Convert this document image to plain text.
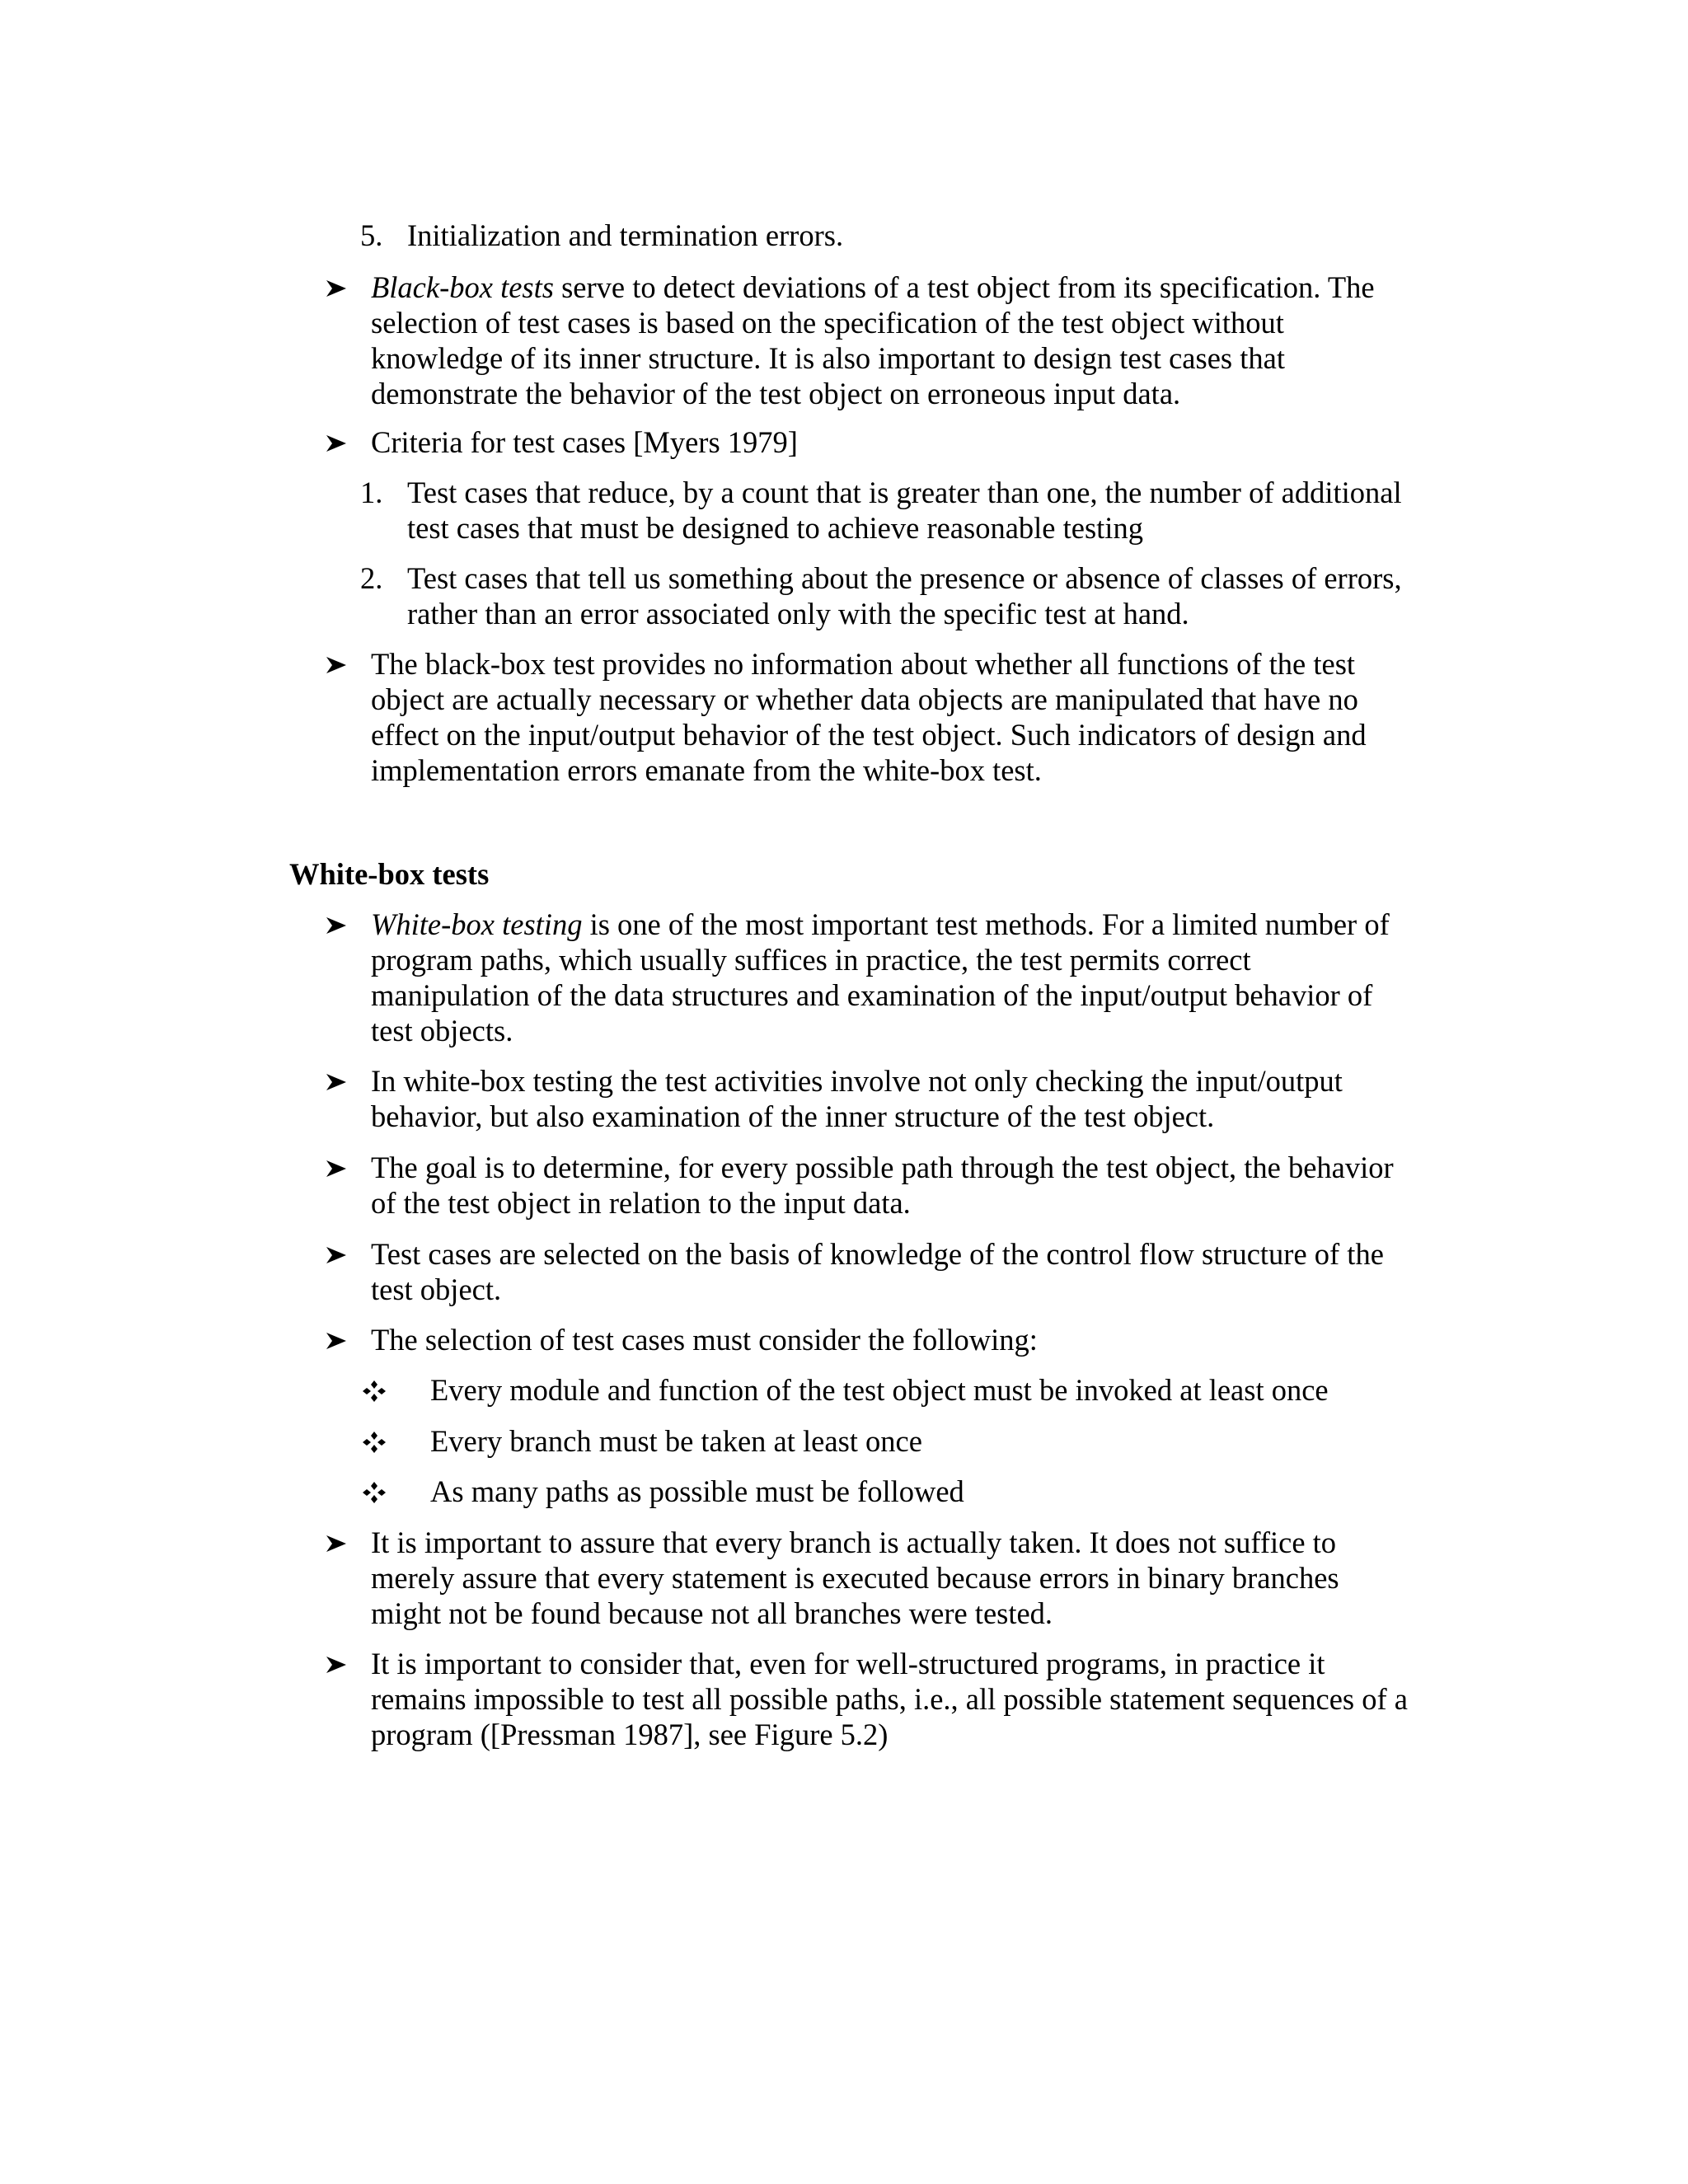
5. Initialization and termination errors.
Black-box tests serve to detect deviations of a test object from its specification. The selection of test cases is based on the specification of the test object without knowledge of its inner structure. It is also important to design test cases that demonstrate the behavior of the test object on erroneous input data.
Criteria for test cases [Myers 1979]
1. Test cases that reduce, by a count that is greater than one, the number of additional test cases that must be designed to achieve reasonable testing
2. Test cases that tell us something about the presence or absence of classes of errors, rather than an error associated only with the specific test at hand.
The black-box test provides no information about whether all functions of the test object are actually necessary or whether data objects are manipulated that have no effect on the input/output behavior of the test object. Such indicators of design and implementation errors emanate from the white-box test.
White-box tests
White-box testing is one of the most important test methods. For a limited number of program paths, which usually suffices in practice, the test permits correct manipulation of the data structures and examination of the input/output behavior of test objects.
In white-box testing the test activities involve not only checking the input/output behavior, but also examination of the inner structure of the test object.
The goal is to determine, for every possible path through the test object, the behavior of the test object in relation to the input data.
Test cases are selected on the basis of knowledge of the control flow structure of the test object.
The selection of test cases must consider the following:
Every module and function of the test object must be invoked at least once
Every branch must be taken at least once
As many paths as possible must be followed
It is important to assure that every branch is actually taken. It does not suffice to merely assure that every statement is executed because errors in binary branches might not be found because not all branches were tested.
It is important to consider that, even for well-structured programs, in practice it remains impossible to test all possible paths, i.e., all possible statement sequences of a program ([Pressman 1987], see Figure 5.2)
